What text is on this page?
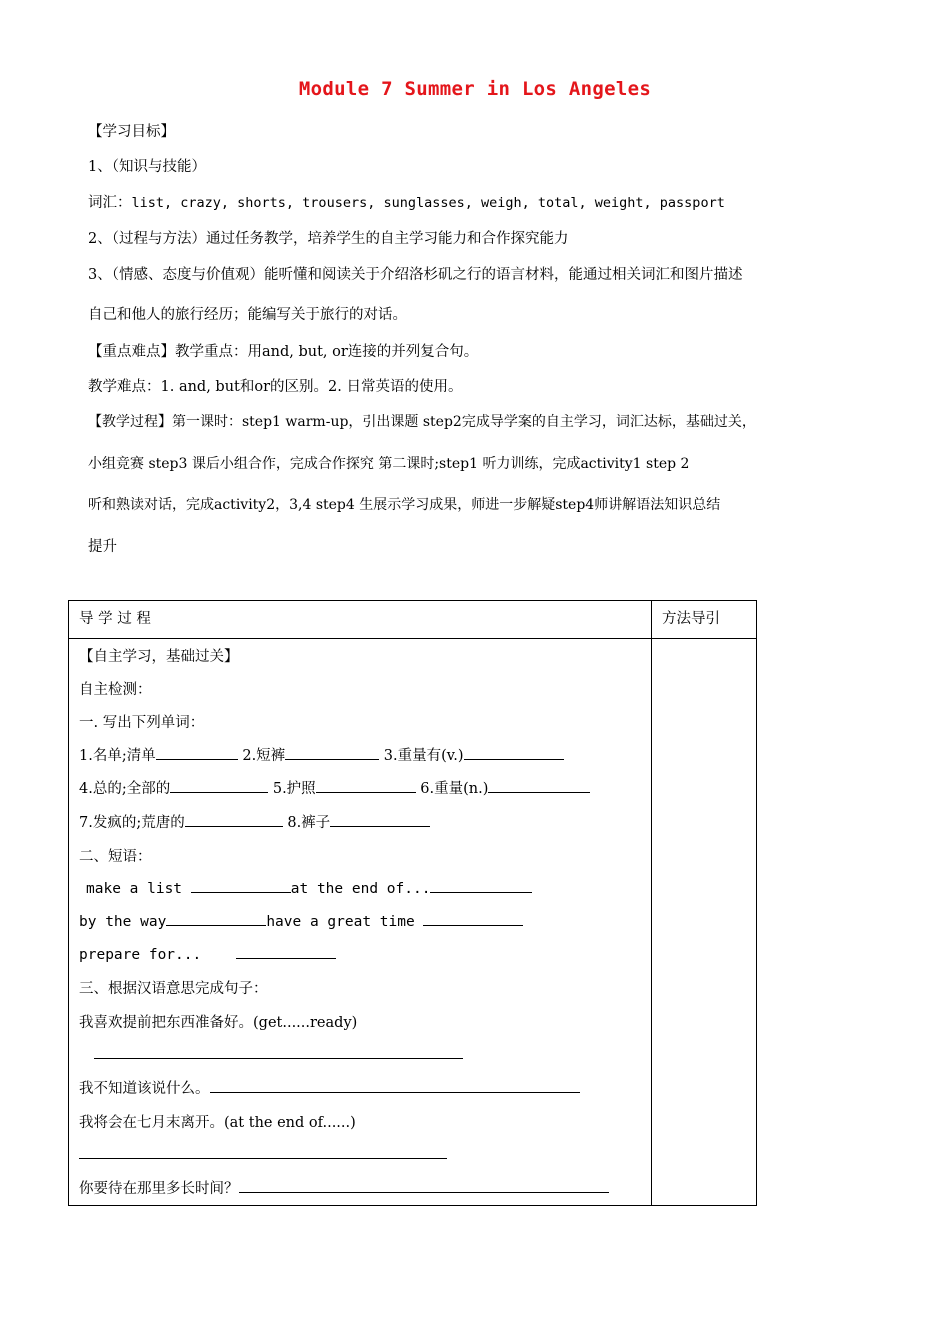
Module 7 Summer in Los Angeles
【学习目标】
1、（知识与技能）
词汇：list, crazy, shorts, trousers, sunglasses, weigh, total, weight, passport
2、（过程与方法）通过任务教学，培养学生的自主学习能力和合作探究能力
3、（情感、态度与价值观）能听懂和阅读关于介绍洛杉矶之行的语言材料，能通过相关词汇和图片描述
自己和他人的旅行经历；能编写关于旅行的对话。
【重点难点】教学重点：用and, but, or连接的并列复合句。
教学难点：1. and, but和or的区别。2. 日常英语的使用。
【教学过程】第一课时：step1 warm-up，引出课题 step2完成导学案的自主学习，词汇达标，基础过关，
小组竞赛 step3 课后小组合作，完成合作探究 第二课时;step1 听力训练，完成activity1 step 2
听和熟读对话，完成activity2，3,4 step4 生展示学习成果，师进一步解疑step4师讲解语法知识总结
提升
导 学 过 程	方法导引
【自主学习，基础过关】
自主检测：
一. 写出下列单词：
1.名单;清单	2.短裤	3.重量有(v.)
4.总的;全部的	5.护照	6.重量(n.)
7.发疯的;荒唐的	8.裤子
二、短语：
make a list	at the end of...
by the way	have a great time
prepare for...
三、根据汉语意思完成句子：
我喜欢提前把东西准备好。(get......ready)
我不知道该说什么。
我将会在七月末离开。(at the end of......)
你要待在那里多长时间？
